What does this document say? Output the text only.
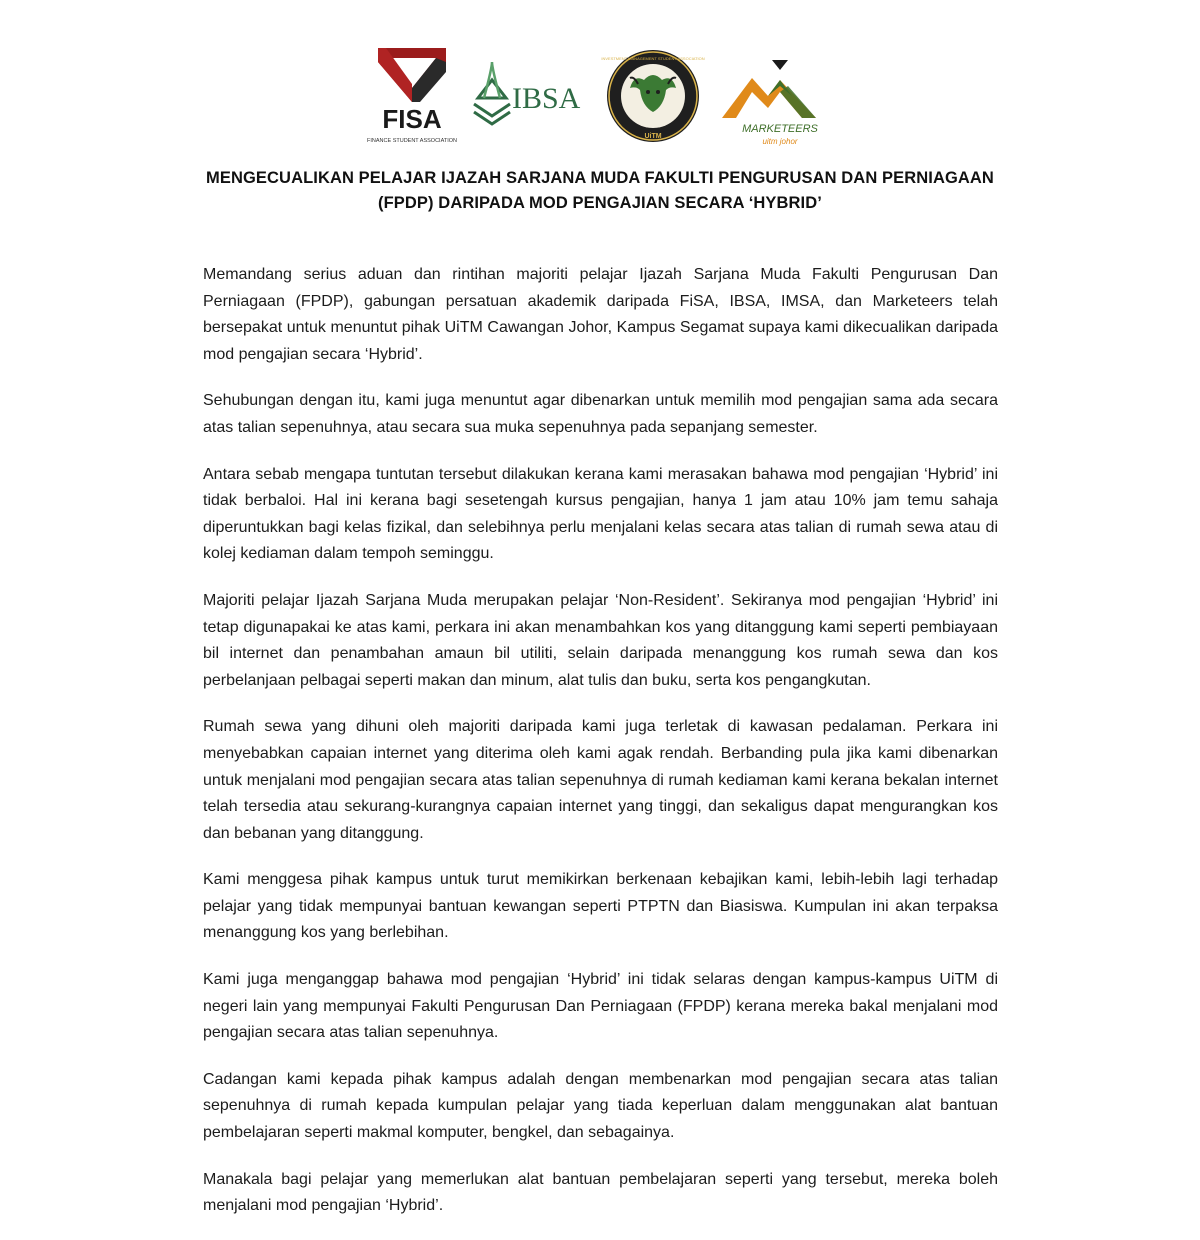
FISA
FINANCE STUDENT ASSOCIATION
IBSA
INVESTMENT MANAGEMENT STUDENT ASSOCIATION
UiTM
MARKETEERS
uitm johor
MENGECUALIKAN PELAJAR IJAZAH SARJANA MUDA FAKULTI PENGURUSAN DAN PERNIAGAAN
(FPDP) DARIPADA MOD PENGAJIAN SECARA ‘HYBRID’

Memandang serius aduan dan rintihan majoriti pelajar Ijazah Sarjana Muda Fakulti Pengurusan Dan Perniagaan (FPDP), gabungan persatuan akademik daripada FiSA, IBSA, IMSA, dan Marketeers telah bersepakat untuk menuntut pihak UiTM Cawangan Johor, Kampus Segamat supaya kami dikecualikan daripada mod pengajian secara ‘Hybrid’.

Sehubungan dengan itu, kami juga menuntut agar dibenarkan untuk memilih mod pengajian sama ada secara atas talian sepenuhnya, atau secara sua muka sepenuhnya pada sepanjang semester.

Antara sebab mengapa tuntutan tersebut dilakukan kerana kami merasakan bahawa mod pengajian ‘Hybrid’ ini tidak berbaloi. Hal ini kerana bagi sesetengah kursus pengajian, hanya 1 jam atau 10% jam temu sahaja diperuntukkan bagi kelas fizikal, dan selebihnya perlu menjalani kelas secara atas talian di rumah sewa atau di kolej kediaman dalam tempoh seminggu.

Majoriti pelajar Ijazah Sarjana Muda merupakan pelajar ‘Non-Resident’. Sekiranya mod pengajian ‘Hybrid’ ini tetap digunapakai ke atas kami, perkara ini akan menambahkan kos yang ditanggung kami seperti pembiayaan bil internet dan penambahan amaun bil utiliti, selain daripada menanggung kos rumah sewa dan kos perbelanjaan pelbagai seperti makan dan minum, alat tulis dan buku, serta kos pengangkutan.

Rumah sewa yang dihuni oleh majoriti daripada kami juga terletak di kawasan pedalaman. Perkara ini menyebabkan capaian internet yang diterima oleh kami agak rendah. Berbanding pula jika kami dibenarkan untuk menjalani mod pengajian secara atas talian sepenuhnya di rumah kediaman kami kerana bekalan internet telah tersedia atau sekurang-kurangnya capaian internet yang tinggi, dan sekaligus dapat mengurangkan kos dan bebanan yang ditanggung.

Kami menggesa pihak kampus untuk turut memikirkan berkenaan kebajikan kami, lebih-lebih lagi terhadap pelajar yang tidak mempunyai bantuan kewangan seperti PTPTN dan Biasiswa. Kumpulan ini akan terpaksa menanggung kos yang berlebihan.

Kami juga menganggap bahawa mod pengajian ‘Hybrid’ ini tidak selaras dengan kampus-kampus UiTM di negeri lain yang mempunyai Fakulti Pengurusan Dan Perniagaan (FPDP) kerana mereka bakal menjalani mod pengajian secara atas talian sepenuhnya.

Cadangan kami kepada pihak kampus adalah dengan membenarkan mod pengajian secara atas talian sepenuhnya di rumah kepada kumpulan pelajar yang tiada keperluan dalam menggunakan alat bantuan pembelajaran seperti makmal komputer, bengkel, dan sebagainya.

Manakala bagi pelajar yang memerlukan alat bantuan pembelajaran seperti yang tersebut, mereka boleh menjalani mod pengajian ‘Hybrid’.
